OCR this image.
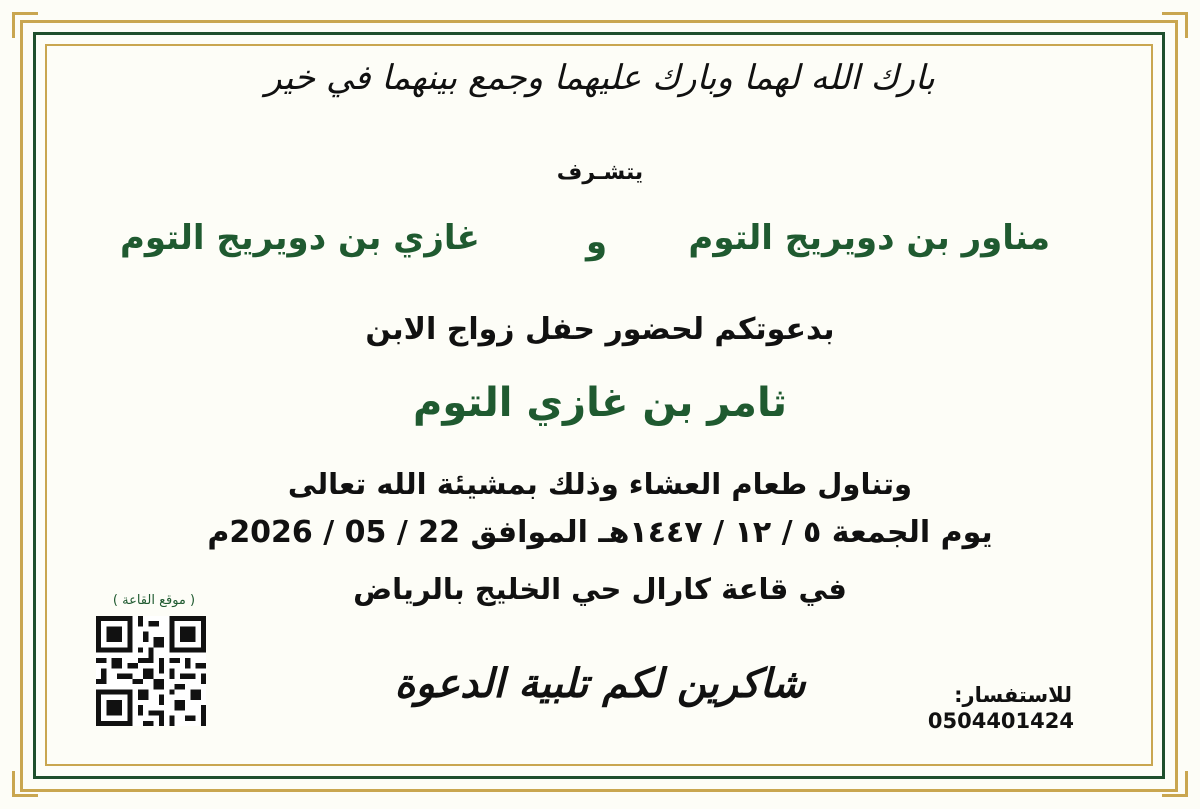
بارك الله لهما وبارك عليهما وجمع بينهما في خير
يتشـرف
مناور بن دويريج التوم
و
غازي بن دويريج التوم
بدعوتكم لحضور حفل زواج الابن
ثامر بن غازي التوم
وتناول طعام العشاء وذلك بمشيئة الله تعالى
يوم الجمعة ٥ / ١٢ / ١٤٤٧هـ الموافق 22 / 05 / 2026م
في قاعة كارال حي الخليج بالرياض
شاكرين لكم تلبية الدعوة
( موقع القاعة )
للاستفسار:
0504401424
